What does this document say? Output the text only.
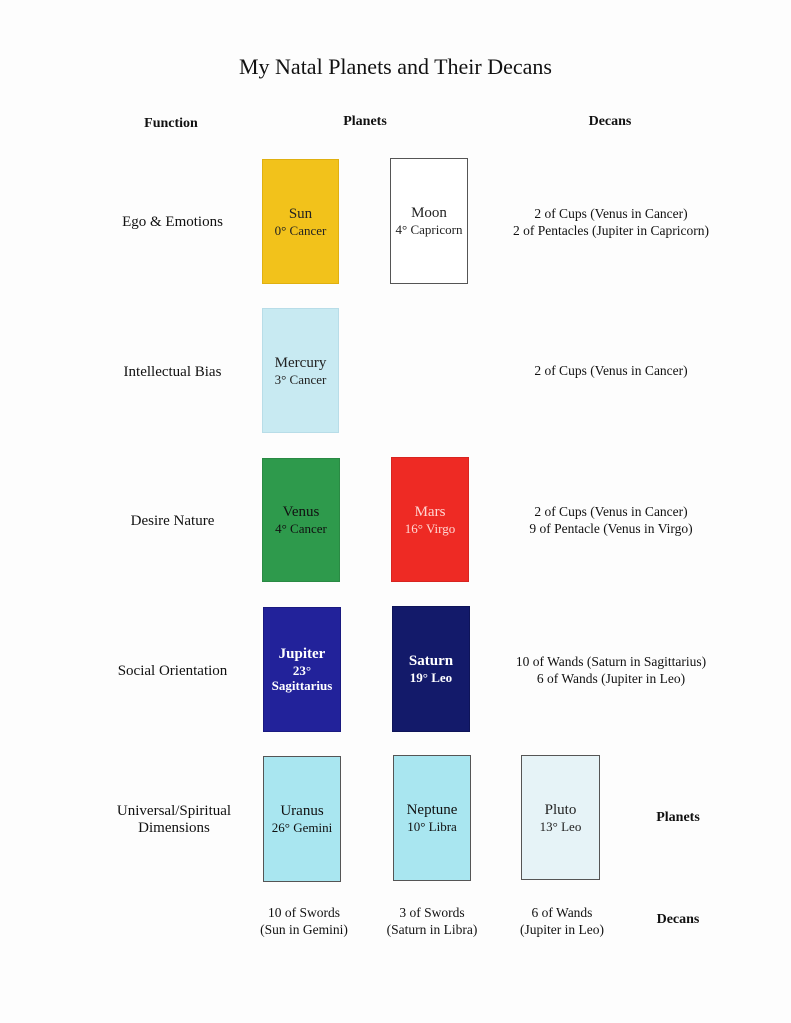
My Natal Planets and Their Decans
Function	Planets	Decans
Ego & Emotions
Sun
0° Cancer
Moon
4° Capricorn
2 of Cups (Venus in Cancer)
2 of Pentacles (Jupiter in Capricorn)
Intellectual Bias
Mercury
3° Cancer
2 of Cups (Venus in Cancer)
Desire Nature
Venus
4° Cancer
Mars
16° Virgo
2 of Cups (Venus in Cancer)
9 of Pentacle (Venus in Virgo)
Social Orientation
Jupiter
23°
Sagittarius
Saturn
19° Leo
10 of Wands (Saturn in Sagittarius)
6 of Wands (Jupiter in Leo)
Universal/Spiritual
Dimensions
Uranus
26° Gemini
Neptune
10° Libra
Pluto
13° Leo
Planets
10 of Swords
(Sun in Gemini)
3 of Swords
(Saturn in Libra)
6 of Wands
(Jupiter in Leo)
Decans
